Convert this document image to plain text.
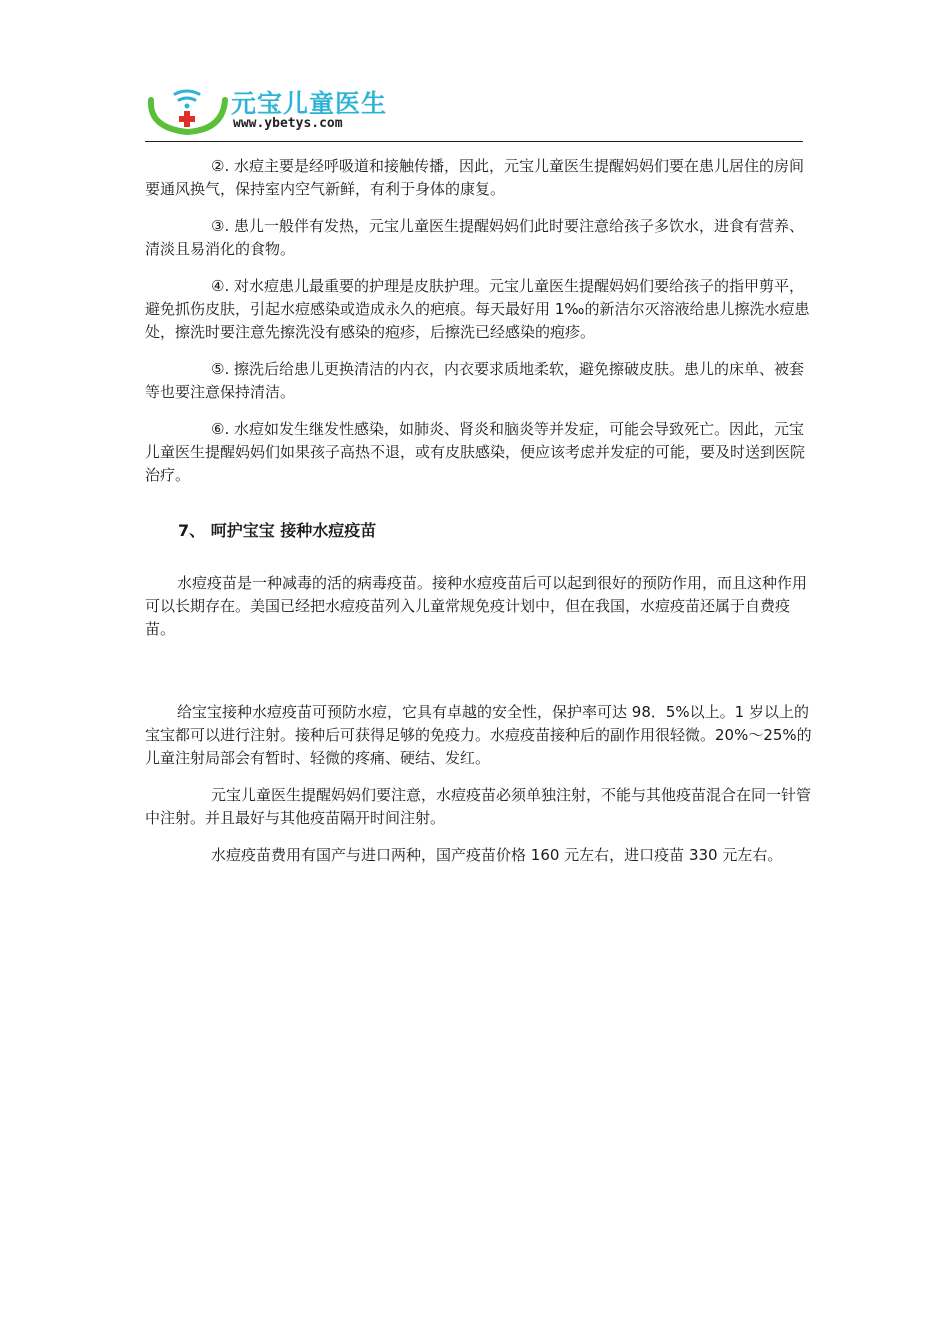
元宝儿童医生
www.ybetys.com

②. 水痘主要是经呼吸道和接触传播，因此，元宝儿童医生提醒妈妈们要在患儿居住的房间要通风换气，保持室内空气新鲜，有利于身体的康复。

③. 患儿一般伴有发热，元宝儿童医生提醒妈妈们此时要注意给孩子多饮水，进食有营养、清淡且易消化的食物。

④. 对水痘患儿最重要的护理是皮肤护理。元宝儿童医生提醒妈妈们要给孩子的指甲剪平，避免抓伤皮肤，引起水痘感染或造成永久的疤痕。每天最好用 1‰的新洁尔灭溶液给患儿擦洗水痘患处，擦洗时要注意先擦洗没有感染的疱疹，后擦洗已经感染的疱疹。

⑤. 擦洗后给患儿更换清洁的内衣，内衣要求质地柔软，避免擦破皮肤。患儿的床单、被套等也要注意保持清洁。

⑥. 水痘如发生继发性感染，如肺炎、肾炎和脑炎等并发症，可能会导致死亡。因此，元宝儿童医生提醒妈妈们如果孩子高热不退，或有皮肤感染，便应该考虑并发症的可能，要及时送到医院治疗。

7、 呵护宝宝 接种水痘疫苗

水痘疫苗是一种减毒的活的病毒疫苗。接种水痘疫苗后可以起到很好的预防作用，而且这种作用可以长期存在。美国已经把水痘疫苗列入儿童常规免疫计划中，但在我国，水痘疫苗还属于自费疫苗。

给宝宝接种水痘疫苗可预防水痘，它具有卓越的安全性，保护率可达 98．5%以上。1 岁以上的宝宝都可以进行注射。接种后可获得足够的免疫力。水痘疫苗接种后的副作用很轻微。20%～25%的儿童注射局部会有暂时、轻微的疼痛、硬结、发红。

元宝儿童医生提醒妈妈们要注意，水痘疫苗必须单独注射，不能与其他疫苗混合在同一针管中注射。并且最好与其他疫苗隔开时间注射。

水痘疫苗费用有国产与进口两种，国产疫苗价格 160 元左右，进口疫苗 330 元左右。
